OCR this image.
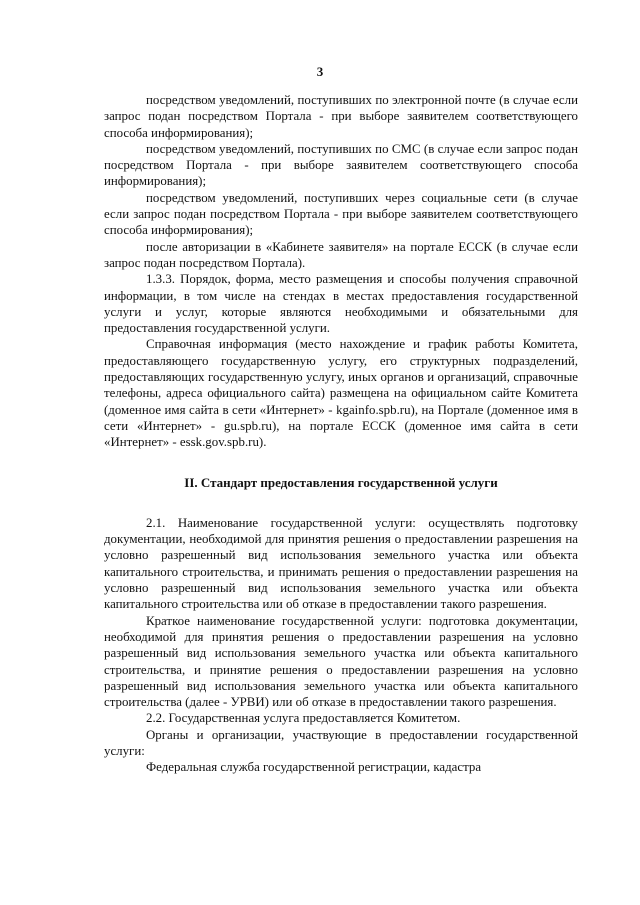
3

посредством уведомлений, поступивших по электронной почте (в случае если запрос подан посредством Портала - при выборе заявителем соответствующего способа информирования);

посредством уведомлений, поступивших по СМС (в случае если запрос подан посредством Портала - при выборе заявителем соответствующего способа информирования);

посредством уведомлений, поступивших через социальные сети (в случае если запрос подан посредством Портала - при выборе заявителем соответствующего способа информирования);

после авторизации в «Кабинете заявителя» на портале ЕССК (в случае если запрос подан посредством Портала).

1.3.3. Порядок, форма, место размещения и способы получения справочной информации, в том числе на стендах в местах предоставления государственной услуги и услуг, которые являются необходимыми и обязательными для предоставления государственной услуги.

Справочная информация (место нахождение и график работы Комитета, предоставляющего государственную услугу, его структурных подразделений, предоставляющих государственную услугу, иных органов и организаций, справочные телефоны, адреса официального сайта) размещена на официальном сайте Комитета (доменное имя сайта в сети «Интернет» - kgainfo.spb.ru), на Портале (доменное имя в сети «Интернет» - gu.spb.ru), на портале ЕССК (доменное имя сайта в сети «Интернет» - essk.gov.spb.ru).

II. Стандарт предоставления государственной услуги

2.1. Наименование государственной услуги: осуществлять подготовку документации, необходимой для принятия решения о предоставлении разрешения на условно разрешенный вид использования земельного участка или объекта капитального строительства, и принимать решения о предоставлении разрешения на условно разрешенный вид использования земельного участка или объекта капитального строительства или об отказе в предоставлении такого разрешения.

Краткое наименование государственной услуги: подготовка документации, необходимой для принятия решения о предоставлении разрешения на условно разрешенный вид использования земельного участка или объекта капитального строительства, и принятие решения о предоставлении разрешения на условно разрешенный вид использования земельного участка или объекта капитального строительства (далее - УРВИ) или об отказе в предоставлении такого разрешения.

2.2. Государственная услуга предоставляется Комитетом.

Органы и организации, участвующие в предоставлении государственной услуги:

Федеральная служба государственной регистрации, кадастра
